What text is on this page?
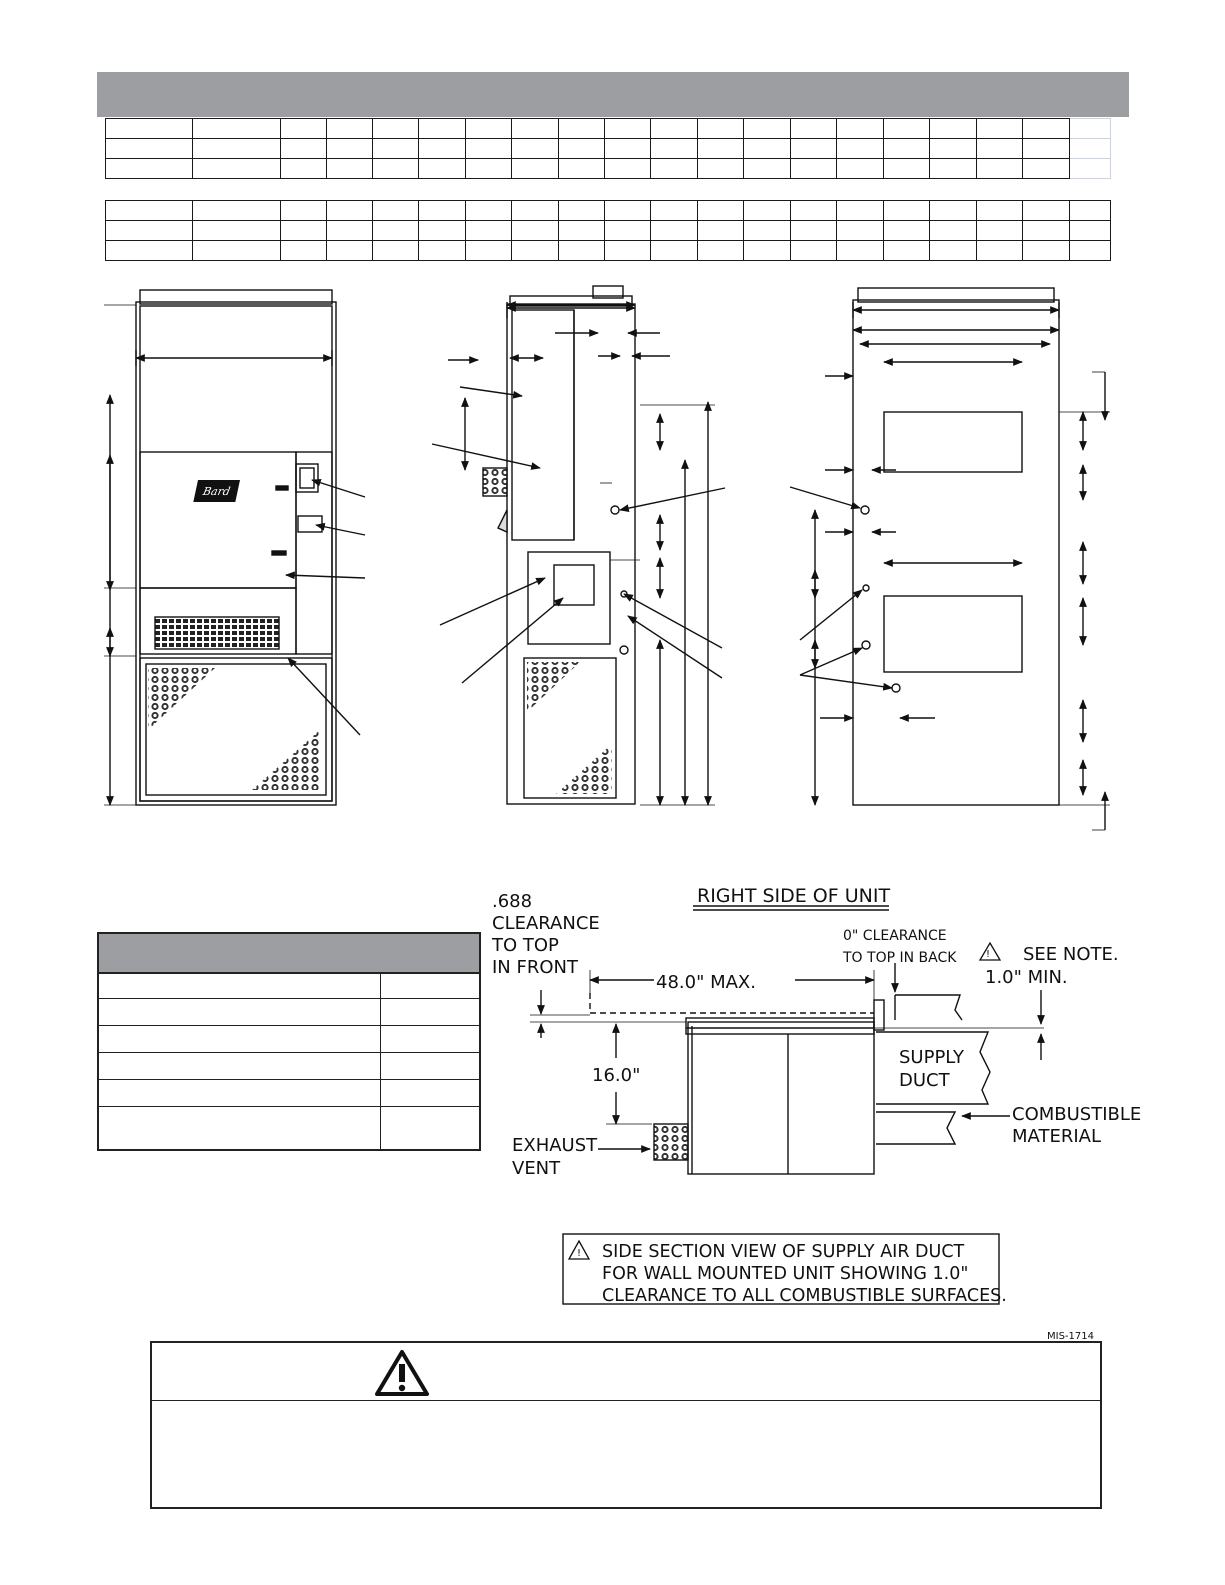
Bard
RIGHT SIDE OF UNIT
.688
CLEARANCE
TO TOP
IN FRONT
0" CLEARANCE
TO TOP IN BACK	! SEE NOTE.
1.0" MIN.
48.0" MAX.
16.0"
SUPPLY
DUCT
COMBUSTIBLE
MATERIAL
EXHAUST
VENT
! SIDE SECTION VIEW OF SUPPLY AIR DUCT
FOR WALL MOUNTED UNIT SHOWING 1.0"
CLEARANCE TO ALL COMBUSTIBLE SURFACES.
MIS-1714
